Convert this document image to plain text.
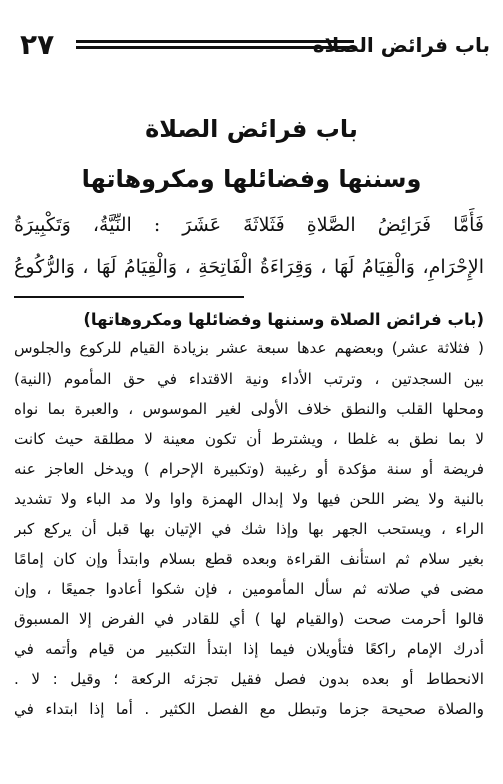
٢٧	باب فرائض الصلاة
باب فرائض الصلاة
وسننها وفضائلها ومكروهاتها
فَأَمَّا فَرَائِضُ الصَّلاةِ فَثَلاثَةَ عَشَرَ : النِّيَّةُ، وَتَكْبِيرَةُ
الإِحْرَامِ، وَالْقِيَامُ لَهَا ، وَقِرَاءَةُ الْفَاتِحَةِ ، وَالْقِيَامُ لَهَا ، وَالرُّكُوعُ
(باب فرائض الصلاة وسننها وفضائلها ومكروهاتها)
( فثلاثة عشر) وبعضهم عدها سبعة عشر بزيادة القيام للركوع والجلوس
بين السجدتين ، وترتب الأداء ونية الاقتداء في حق المأموم (النية)
ومحلها القلب والنطق خلاف الأولى لغير الموسوس ، والعبرة بما نواه
لا بما نطق به غلطا ، ويشترط أن تكون معينة لا مطلقة حيث كانت
فريضة أو سنة مؤكدة أو رغيبة (وتكبيرة الإحرام ) ويدخل العاجز عنه
بالنية ولا يضر اللحن فيها ولا إبدال الهمزة واوا ولا مد الباء ولا تشديد
الراء ، ويستحب الجهر بها وإذا شك في الإتيان بها قبل أن يركع كبر
بغير سلام ثم استأنف القراءة وبعده قطع بسلام وابتدأ وإن كان إمامًا
مضى في صلاته ثم سأل المأمومين ، فإن شكوا أعادوا جميعًا ، وإن
قالوا أحرمت صحت (والقيام لها ) أي للقادر في الفرض إلا المسبوق
أدرك الإمام راكعًا فتأويلان فيما إذا ابتدأ التكبير من قيام وأتمه في
الانحطاط أو بعده بدون فصل فقيل تجزئه الركعة ؛ وقيل : لا .
والصلاة صحيحة جزما وتبطل مع الفصل الكثير . أما إذا ابتداء في
